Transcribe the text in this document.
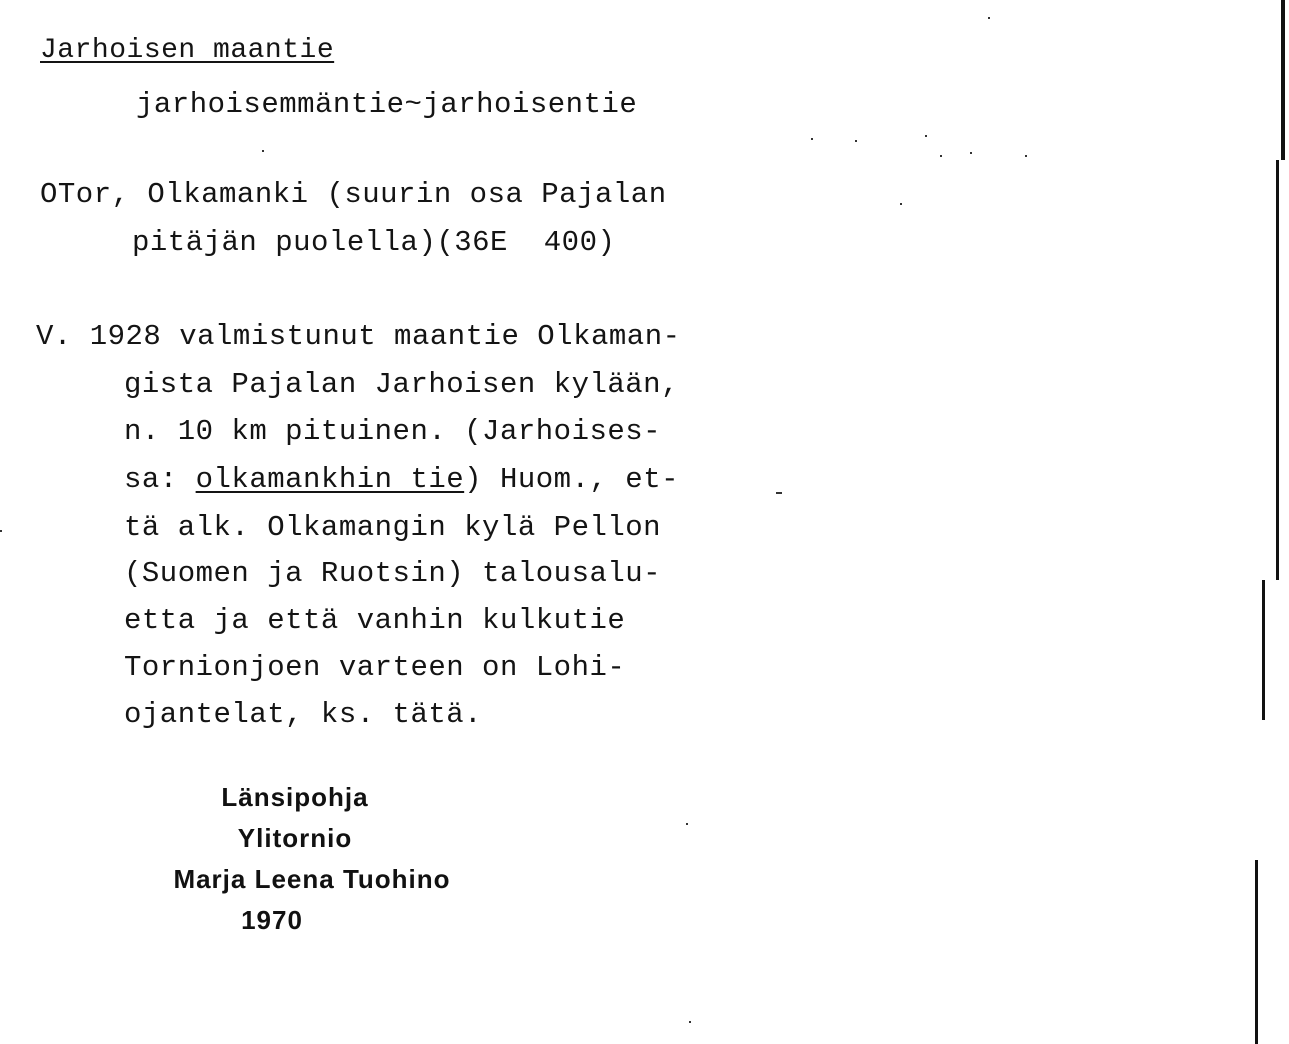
Jarhoisen maantie
jarhoisemmäntie~jarhoisentie
OTor, Olkamanki (suurin osa Pajalan
pitäjän puolella)(36E  400)
V. 1928 valmistunut maantie Olkaman-
gista Pajalan Jarhoisen kylään,
n. 10 km pituinen. (Jarhoises-
sa: olkamankhin tie) Huom., et-
tä alk. Olkamangin kylä Pellon
(Suomen ja Ruotsin) talousalu-
etta ja että vanhin kulkutie
Tornionjoen varteen on Lohi-
ojantelat, ks. tätä.
Länsipohja
Ylitornio
Marja Leena Tuohino
1970
